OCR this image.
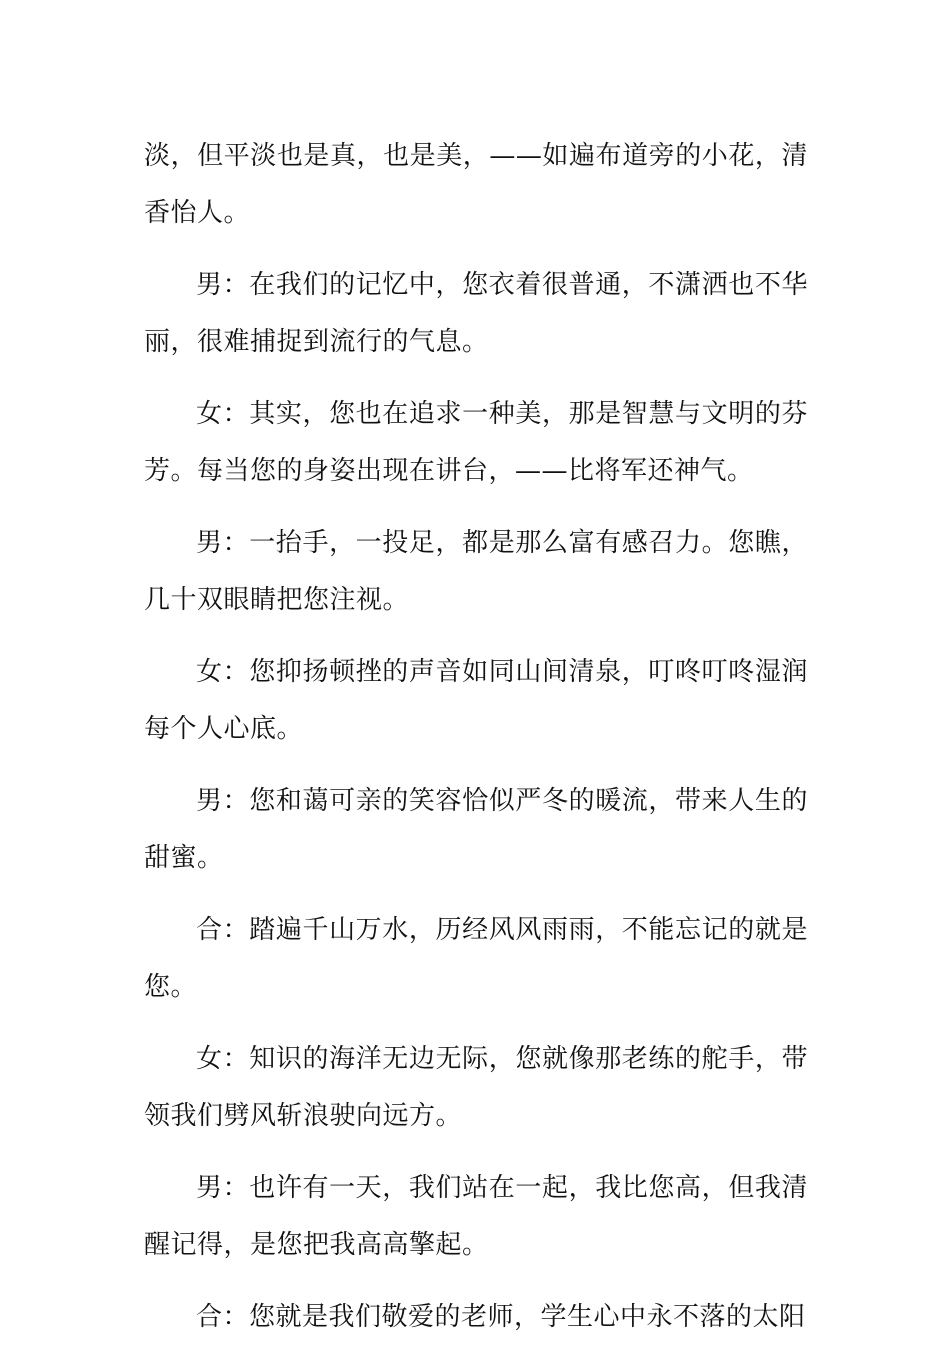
淡，但平淡也是真，也是美，——如遍布道旁的小花，清香怡人。

男：在我们的记忆中，您衣着很普通，不潇洒也不华丽，很难捕捉到流行的气息。

女：其实，您也在追求一种美，那是智慧与文明的芬芳。每当您的身姿出现在讲台，——比将军还神气。

男：一抬手，一投足，都是那么富有感召力。您瞧，几十双眼睛把您注视。

女：您抑扬顿挫的声音如同山间清泉，叮咚叮咚湿润每个人心底。

男：您和蔼可亲的笑容恰似严冬的暖流，带来人生的甜蜜。

合：踏遍千山万水，历经风风雨雨，不能忘记的就是您。

女：知识的海洋无边无际，您就像那老练的舵手，带领我们劈风斩浪驶向远方。

男：也许有一天，我们站在一起，我比您高，但我清醒记得，是您把我高高擎起。

合：您就是我们敬爱的老师，学生心中永不落的太阳
